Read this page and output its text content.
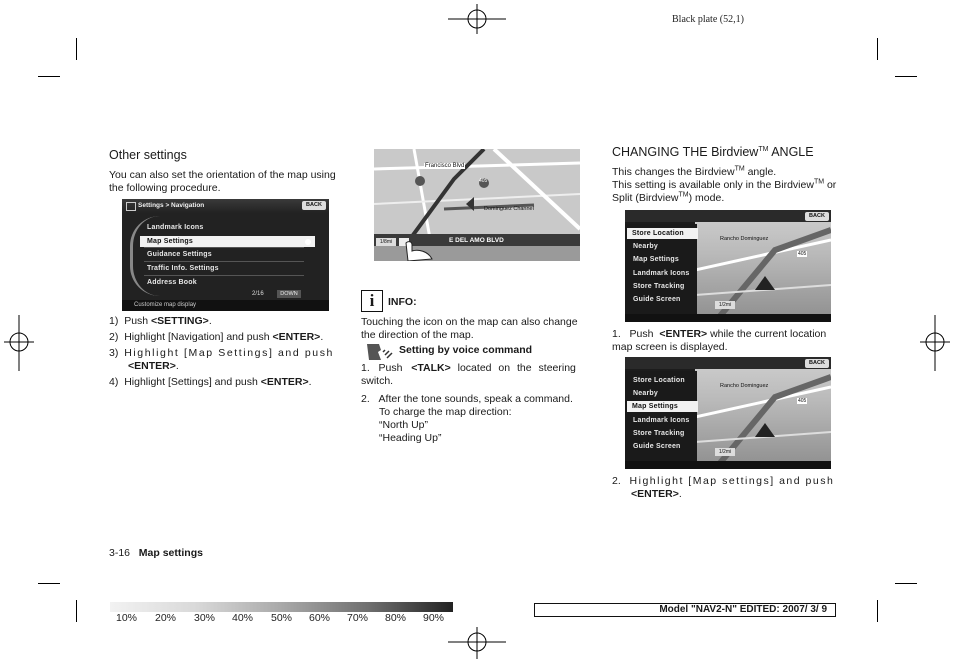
Black plate (52,1)
Other settings
You can also set the orientation of the map using the following procedure.
Settings > Navigation	BACK
Landmark Icons
Map Settings
Guidance Settings
Traffic Info. Settings
Address Book
2/16	DOWN
Customize map display
1) Push <SETTING>.
2) Highlight [Navigation] and push <ENTER>.
3) Highlight [Map Settings] and push
<ENTER>.
4) Highlight [Settings] and push <ENTER>.
Francisco Blvd
Dominguez Channel
405
1/8mi	E DEL AMO BLVD
i	INFO:
Touching the icon on the map can also change the direction of the map.
Setting by voice command
1. Push   <TALK> located on the steering switch.
2. After the tone sounds, speak a command.
To charge the map direction:
“North Up”
“Heading Up”
CHANGING THE Birdview™ ANGLE
This changes the Birdview™ angle.
This setting is available only in the Birdview™ or
Split (Birdview™) mode.
BACK
Rancho Dominguez
405
Store Location
Nearby
Map Settings
Landmark Icons
Store Tracking
Guide Screen
1/2mi
1. Push  <ENTER> while the current location map screen is displayed.
BACK
Rancho Dominguez
405
Store Location
Nearby
Map Settings
Landmark Icons
Store Tracking
Guide Screen
1/2mi
2. Highlight [Map settings] and push
<ENTER>.
3-16 Map settings
10% 20% 30% 40% 50% 60% 70% 80% 90%
Model "NAV2-N" EDITED: 2007/ 3/ 9
